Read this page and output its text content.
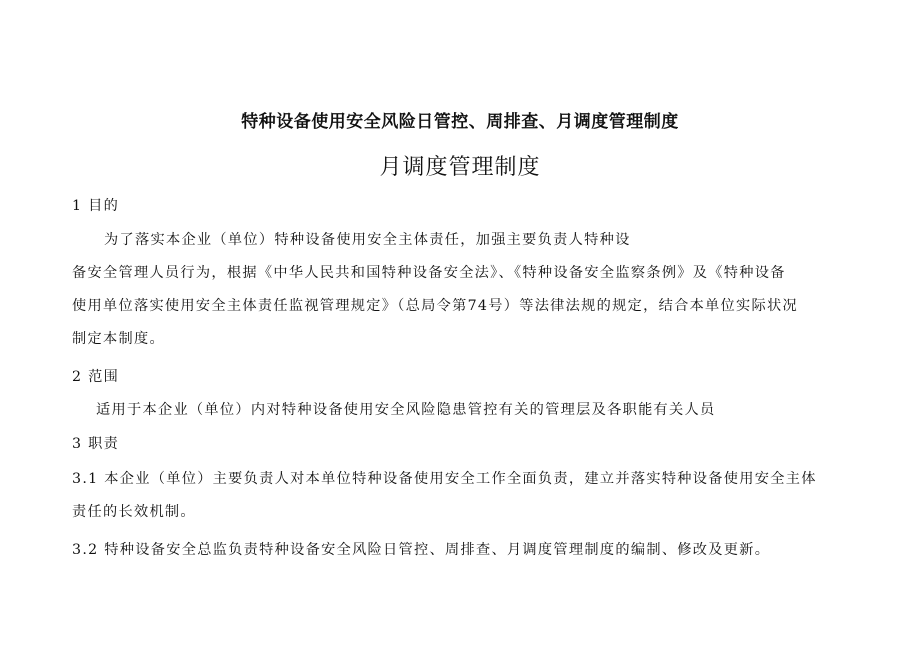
特种设备使用安全风险日管控、周排查、月调度管理制度
月调度管理制度
1 目的
为了落实本企业（单位）特种设备使用安全主体责任，加强主要负责人特种设
备安全管理人员行为，根据《中华人民共和国特种设备安全法》、《特种设备安全监察条例》及《特种设备
使用单位落实使用安全主体责任监视管理规定》（总局令第74号）等法律法规的规定，结合本单位实际状况
制定本制度。
2 范围
适用于本企业（单位）内对特种设备使用安全风险隐患管控有关的管理层及各职能有关人员
3 职责
3.1 本企业（单位）主要负责人对本单位特种设备使用安全工作全面负责，建立并落实特种设备使用安全主体
责任的长效机制。
3.2 特种设备安全总监负责特种设备安全风险日管控、周排查、月调度管理制度的编制、修改及更新。
